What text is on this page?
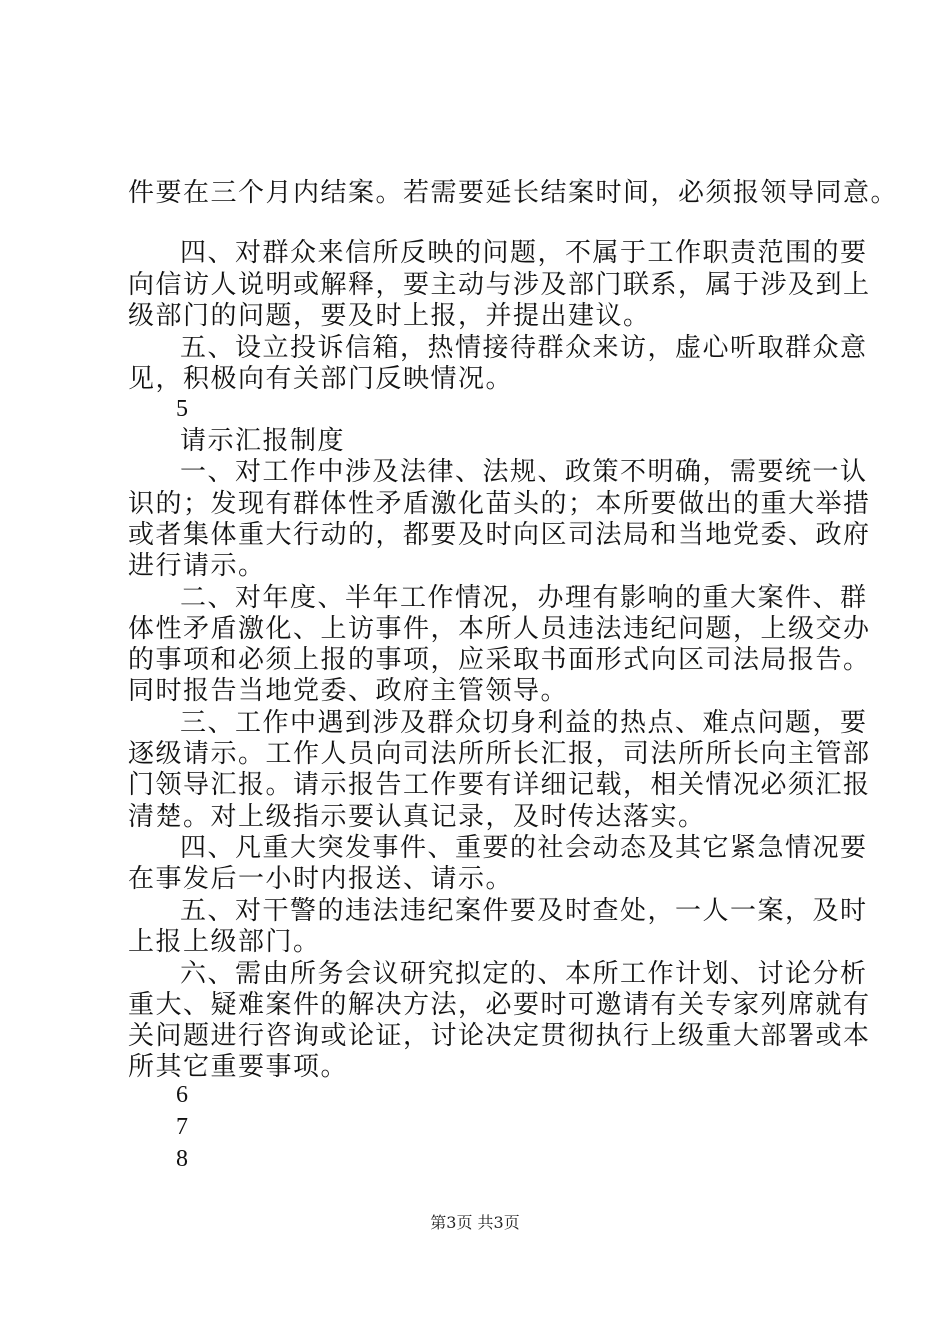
件要在三个月内结案。若需要延长结案时间，必须报领导同意。
四、对群众来信所反映的问题，不属于工作职责范围的要
向信访人说明或解释，要主动与涉及部门联系，属于涉及到上
级部门的问题，要及时上报，并提出建议。
五、设立投诉信箱，热情接待群众来访，虚心听取群众意
见，积极向有关部门反映情况。
5
请示汇报制度
一、对工作中涉及法律、法规、政策不明确，需要统一认
识的；发现有群体性矛盾激化苗头的；本所要做出的重大举措
或者集体重大行动的，都要及时向区司法局和当地党委、政府
进行请示。
二、对年度、半年工作情况，办理有影响的重大案件、群
体性矛盾激化、上访事件，本所人员违法违纪问题，上级交办
的事项和必须上报的事项，应采取书面形式向区司法局报告。
同时报告当地党委、政府主管领导。
三、工作中遇到涉及群众切身利益的热点、难点问题，要
逐级请示。工作人员向司法所所长汇报，司法所所长向主管部
门领导汇报。请示报告工作要有详细记载，相关情况必须汇报
清楚。对上级指示要认真记录，及时传达落实。
四、凡重大突发事件、重要的社会动态及其它紧急情况要
在事发后一小时内报送、请示。
五、对干警的违法违纪案件要及时查处，一人一案，及时
上报上级部门。
六、需由所务会议研究拟定的、本所工作计划、讨论分析
重大、疑难案件的解决方法，必要时可邀请有关专家列席就有
关问题进行咨询或论证，讨论决定贯彻执行上级重大部署或本
所其它重要事项。
6
7
8
第3页 共3页
